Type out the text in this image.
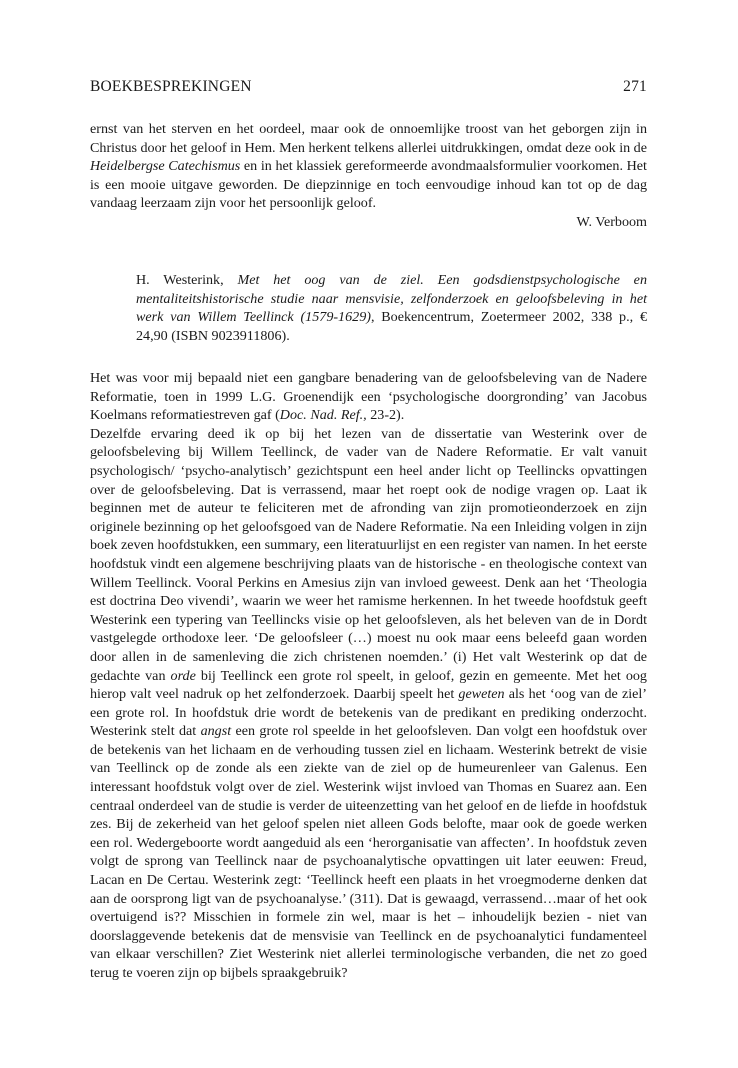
BOEKBESPREKINGEN	271

ernst van het sterven en het oordeel, maar ook de onnoemlijke troost van het geborgen zijn in Christus door het geloof in Hem. Men herkent telkens allerlei uitdrukkingen, omdat deze ook in de Heidelbergse Catechismus en in het klassiek gereformeerde avondmaalsformulier voorkomen. Het is een mooie uitgave geworden. De diepzinnige en toch eenvoudige inhoud kan tot op de dag vandaag leerzaam zijn voor het persoonlijk geloof.

W. Verboom

H. Westerink, Met het oog van de ziel. Een godsdienstpsychologische en mentaliteitshistorische studie naar mensvisie, zelfonderzoek en geloofsbeleving in het werk van Willem Teellinck (1579-1629), Boekencentrum, Zoetermeer 2002, 338 p., € 24,90 (ISBN 9023911806).

Het was voor mij bepaald niet een gangbare benadering van de geloofsbeleving van de Nadere Reformatie, toen in 1999 L.G. Groenendijk een ‘psychologische doorgronding’ van Jacobus Koelmans reformatiestreven gaf (Doc. Nad. Ref., 23-2).

Dezelfde ervaring deed ik op bij het lezen van de dissertatie van Westerink over de geloofsbeleving bij Willem Teellinck, de vader van de Nadere Reformatie. Er valt vanuit psychologisch/ ‘psycho-analytisch’ gezichtspunt een heel ander licht op Teellincks opvattingen over de geloofsbeleving. Dat is verrassend, maar het roept ook de nodige vragen op. Laat ik beginnen met de auteur te feliciteren met de afronding van zijn promotieonderzoek en zijn originele bezinning op het geloofsgoed van de Nadere Reformatie. Na een Inleiding volgen in zijn boek zeven hoofdstukken, een summary, een literatuurlijst en een register van namen. In het eerste hoofdstuk vindt een algemene beschrijving plaats van de historische - en theologische context van Willem Teellinck. Vooral Perkins en Amesius zijn van invloed geweest. Denk aan het ‘Theologia est doctrina Deo vivendi’, waarin we weer het ramisme herkennen. In het tweede hoofdstuk geeft Westerink een typering van Teellincks visie op het geloofsleven, als het beleven van de in Dordt vastgelegde orthodoxe leer. ‘De geloofsleer (…) moest nu ook maar eens beleefd gaan worden door allen in de samenleving die zich christenen noemden.’ (i) Het valt Westerink op dat de gedachte van orde bij Teellinck een grote rol speelt, in geloof, gezin en gemeente. Met het oog hierop valt veel nadruk op het zelfonderzoek. Daarbij speelt het geweten als het ‘oog van de ziel’ een grote rol. In hoofdstuk drie wordt de betekenis van de predikant en prediking onderzocht. Westerink stelt dat angst een grote rol speelde in het geloofsleven. Dan volgt een hoofdstuk over de betekenis van het lichaam en de verhouding tussen ziel en lichaam. Westerink betrekt de visie van Teellinck op de zonde als een ziekte van de ziel op de humeurenleer van Galenus. Een interessant hoofdstuk volgt over de ziel. Westerink wijst invloed van Thomas en Suarez aan. Een centraal onderdeel van de studie is verder de uiteenzetting van het geloof en de liefde in hoofdstuk zes. Bij de zekerheid van het geloof spelen niet alleen Gods belofte, maar ook de goede werken een rol. Wedergeboorte wordt aangeduid als een ‘herorganisatie van affecten’. In hoofdstuk zeven volgt de sprong van Teellinck naar de psychoanalytische opvattingen uit later eeuwen: Freud, Lacan en De Certau. Westerink zegt: ‘Teellinck heeft een plaats in het vroegmoderne denken dat aan de oorsprong ligt van de psychoanalyse.’ (311). Dat is gewaagd, verrassend…maar of het ook overtuigend is?? Misschien in formele zin wel, maar is het – inhoudelijk bezien - niet van doorslaggevende betekenis dat de mensvisie van Teellinck en de psychoanalytici fundamenteel van elkaar verschillen? Ziet Westerink niet allerlei terminologische verbanden, die net zo goed terug te voeren zijn op bijbels spraakgebruik?
